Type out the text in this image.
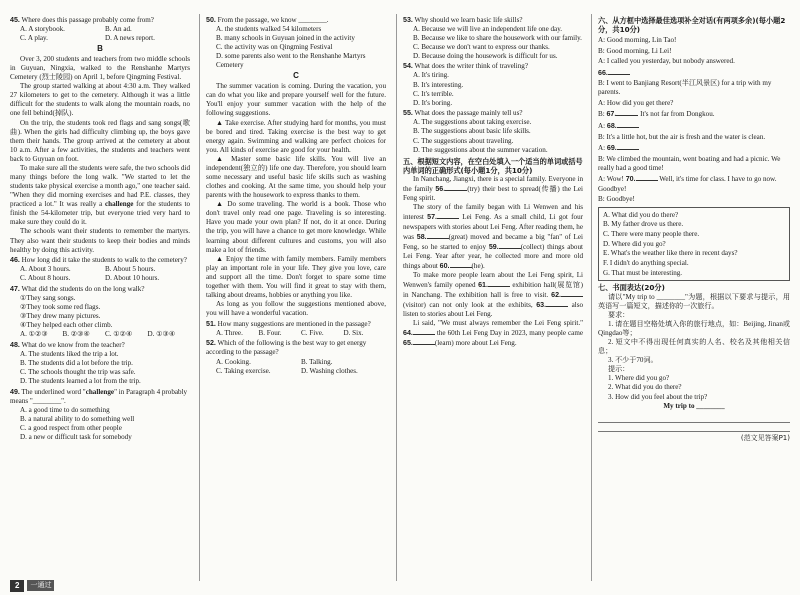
45. Where does this passage probably come from?

A. A storybook.	B. An ad.
C. A play.	D. A news report.

B

Over 3, 200 students and teachers from two middle schools in Guyuan, Ningxia, walked to the Renshanhe Martyrs Cemetery (烈士陵园) on April 1, before Qingming Festival.

The group started walking at about 4:30 a.m. They walked 27 kilometers to get to the cemetery. Although it was a little difficult for the students to walk along the mountain roads, no one fell behind(掉队).

On the trip, the students took red flags and sang songs(歌曲). When the girls had difficulty climbing up, the boys gave them their hands. The group arrived at the cemetery at about 10 a.m. After a few activities, the students and teachers went back to Guyuan on foot.

To make sure all the students were safe, the two schools did many things before the long walk. "We started to let the students take physical exercise a month ago," one teacher said. "When they did morning exercises and had P.E. classes, they practiced a lot." It was really a challenge for the students to finish the 54-kilometer trip, but everyone tried very hard to make sure they could do it.

The schools want their students to remember the martyrs. They also want their students to keep their bodies and minds healthy by doing this activity.

46. How long did it take the students to walk to the cemetery?

A. About 3 hours.	B. About 5 hours.
C. About 8 hours.	D. About 10 hours.

47. What did the students do on the long walk?

①They sang songs.

②They took some red flags.

③They drew many pictures.

④They helped each other climb.

A. ①②③	B. ②③④	C. ①②④	D. ①③④

48. What do we know from the teacher?

A. The students liked the trip a lot.

B. The students did a lot before the trip.

C. The schools thought the trip was safe.

D. The students learned a lot from the trip.

49. The underlined word "challenge" in Paragraph 4 probably means "________".

A. a good time to do something

B. a natural ability to do something well

C. a good respect from other people

D. a new or difficult task for somebody

50. From the passage, we know ________.

A. the students walked 54 kilometers

B. many schools in Guyuan joined in the activity

C. the activity was on Qingming Festival

D. some parents also went to the Renshanhe Martyrs Cemetery

C

The summer vacation is coming. During the vacation, you can do what you like and prepare yourself well for the future. You'll enjoy your summer vacation with the help of the following suggestions.

▲ Take exercise. After studying hard for months, you must be bored and tired. Taking exercise is the best way to get energy again. Swimming and walking are perfect choices for you. All kinds of exercise are good for your health.

▲ Master some basic life skills. You will live an independent(独立的) life one day. Therefore, you should learn some necessary and useful basic life skills such as washing clothes and cooking. At the same time, you should help your parents with the housework to express thanks to them.

▲ Do some traveling. The world is a book. Those who don't travel only read one page. Traveling is so interesting. Have you made your own plan? If not, do it at once. During the trip, you will have a chance to get more knowledge. While learning about different cultures and customs, you will also make a lot of friends.

▲ Enjoy the time with family members. Family members play an important role in your life. They give you love, care and support all the time. Don't forget to spare some time together with them. You will find it great to stay with them, talking about dreams, hobbies or anything you like.

As long as you follow the suggestions mentioned above, you will have a wonderful vacation.

51. How many suggestions are mentioned in the passage?

A. Three.	B. Four.	C. Five.	D. Six.

52. Which of the following is the best way to get energy according to the passage?

A. Cooking.	B. Talking.
C. Taking exercise.	D. Washing clothes.

53. Why should we learn basic life skills?

A. Because we will live an independent life one day.

B. Because we like to share the housework with our family.

C. Because we don't want to express our thanks.

D. Because doing the housework is difficult for us.

54. What does the writer think of traveling?

A. It's tiring.

B. It's interesting.

C. It's terrible.

D. It's boring.

55. What does the passage mainly tell us?

A. The suggestions about taking exercise.

B. The suggestions about basic life skills.

C. The suggestions about traveling.

D. The suggestions about the summer vacation.

五、根据短文内容，在空白处填入一个适当的单词或括号内单词的正确形式(每小题1分，共10分)

In Nanchang, Jiangxi, there is a special family. Everyone in the family 56.	(try) their best to spread(传播) the Lei Feng spirit.

The story of the family began with Li Wenwen and his interest 57.	Lei Feng. As a small child, Li got four newspapers with stories about Lei Feng. After reading them, he was 58.	(great) moved and became a big "fan" of Lei Feng, so he started to enjoy 59.	(collect) things about Lei Feng. Year after year, he collected more and more old things about 60.	(he).

To make more people learn about the Lei Feng spirit, Li Wenwen's family opened 61.	exhibition hall(展览馆) in Nanchang. The exhibition hall is free to visit. 62.(visitor) can not only look at the exhibits, 63.	also listen to stories about Lei Feng.

Li said, "We must always remember the Lei Feng spirit." 64.	the 60th Lei Feng Day in 2023, many people came 65.	(learn) more about Lei Feng.

六、从方框中选择最佳选项补全对话(有两项多余)(每小题2分，共10分)

A: Good morning, Lin Tao!

B: Good morning, Li Lei!

A: I called you yesterday, but nobody answered.

66.

B: I went to Banjiang Resort(半江风景区) for a trip with my parents.

A: How did you get there?

B: 67.	It's not far from Dongkou.

A: 68.

B: It's a little hot, but the air is fresh and the water is clean.

A: 69.

B: We climbed the mountain, went boating and had a picnic. We really had a good time!

A: Wow! 70.	Well, it's time for class. I have to go now. Goodbye!

B: Goodbye!

A. What did you do there?

B. My father drove us there.

C. There were many people there.

D. Where did you go?

E. What's the weather like there in recent days?

F. I didn't do anything special.

G. That must be interesting.

七、书面表达(20分)

请以"My trip to ________"为题，根据以下要求与提示，用英语写一篇短文，描述你的一次旅行。

要求：

1. 请在题目空格处填入你的旅行地点，如：Beijing, Jinan或Qingdao等；

2. 短文中不得出现任何真实的人名、校名及其他相关信息；

3. 不少于70词。

提示：

1. Where did you go?

2. What did you do there?

3. How did you feel about the trip?

My trip to ________

(范文见答案P1)

2	一通过
